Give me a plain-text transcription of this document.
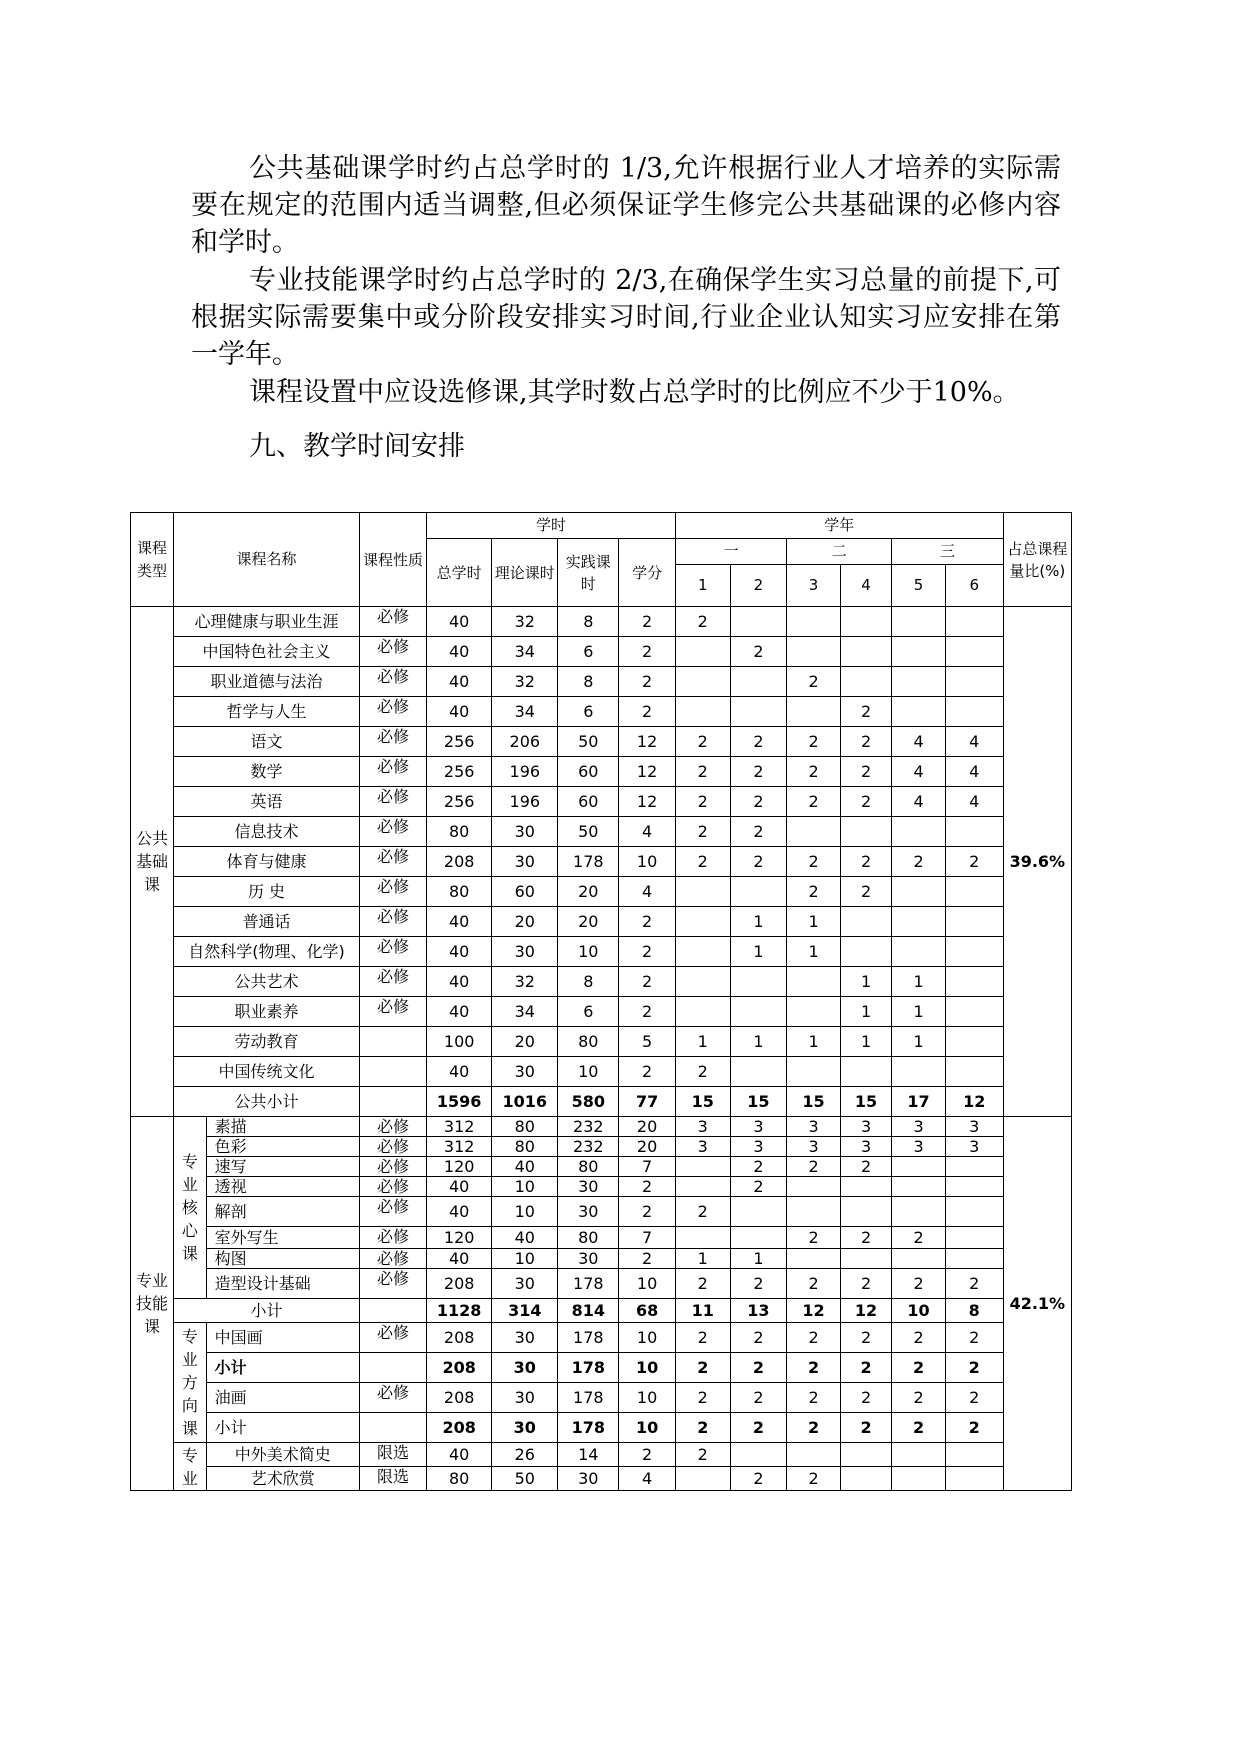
公共基础课学时约占总学时的 1/3,允许根据行业人才培养的实际需要在规定的范围内适当调整,但必须保证学生修完公共基础课的必修内容和学时。

专业技能课学时约占总学时的 2/3,在确保学生实习总量的前提下,可根据实际需要集中或分阶段安排实习时间,行业企业认知实习应安排在第一学年。

课程设置中应设选修课,其学时数占总学时的比例应不少于10%。

九、教学时间安排

课程类型	课程名称		课程性质	学时				学年						占总课程量比(%)
				总学时	理论课时	实践课时	学分	一		二		三		
								1	2	3	4	5	6	
公共基础课	心理健康与职业生涯		必修	40	32	8	2	2						39.6%
	中国特色社会主义		必修	40	34	6	2		2					
	职业道德与法治		必修	40	32	8	2			2				
	哲学与人生		必修	40	34	6	2				2			
	语文		必修	256	206	50	12	2	2	2	2	4	4	
	数学		必修	256	196	60	12	2	2	2	2	4	4	
	英语		必修	256	196	60	12	2	2	2	2	4	4	
	信息技术		必修	80	30	50	4	2	2					
	体育与健康		必修	208	30	178	10	2	2	2	2	2	2	
	历 史		必修	80	60	20	4			2	2			
	普通话		必修	40	20	20	2		1	1				
	自然科学(物理、化学)		必修	40	30	10	2		1	1				
	公共艺术		必修	40	32	8	2				1	1		
	职业素养		必修	40	34	6	2				1	1		
	劳动教育			100	20	80	5	1	1	1	1	1		
	中国传统文化			40	30	10	2	2						
	公共小计			1596	1016	580	77	15	15	15	15	17	12	
专业技能课	专业核心课	素描	必修	312	80	232	20	3	3	3	3	3	3	42.1%
		色彩	必修	312	80	232	20	3	3	3	3	3	3	
		速写	必修	120	40	80	7		2	2	2			
		透视	必修	40	10	30	2		2					
		解剖	必修	40	10	30	2	2						
		室外写生	必修	120	40	80	7			2	2	2		
		构图	必修	40	10	30	2	1	1					
		造型设计基础	必修	208	30	178	10	2	2	2	2	2	2	
	小计			1128	314	814	68	11	13	12	12	10	8	
	专业方向课	中国画	必修	208	30	178	10	2	2	2	2	2	2	
		小计		208	30	178	10	2	2	2	2	2	2	
		油画	必修	208	30	178	10	2	2	2	2	2	2	
		小计		208	30	178	10	2	2	2	2	2	2	
	专业	中外美术简史	限选	40	26	14	2	2						
		艺术欣赏	限选	80	50	30	4		2	2				
